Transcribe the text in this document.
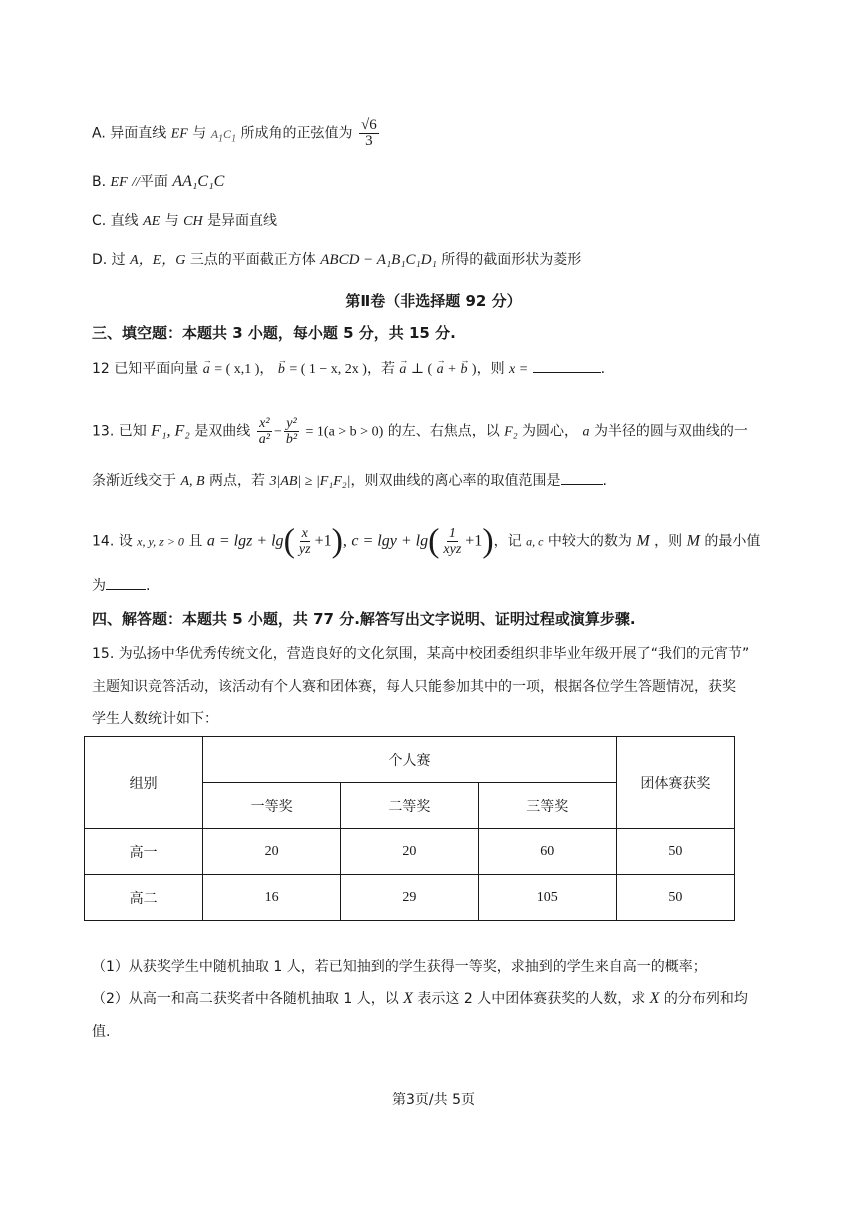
A. 异面直线 EF 与 $A_1C_1$ 所成角的正弦值为 $\frac{√6}{3}$
B. EF //平面 AA₁C₁C
C. 直线 AE 与 CH 是异面直线
D. 过 A，E，G 三点的平面截正方体 ABCD − A₁B₁C₁D₁ 所得的截面形状为菱形
第Ⅱ卷（非选择题 92 分）
三、填空题：本题共 3 小题，每小题 5 分，共 15 分.
12 已知平面向量 → a = ( x,1 )， → b = ( 1 − x, 2x )，若 → a ⊥ ( → a + → b )，则 x =	.
13. 已知 F₁, F₂ 是双曲线 $\frac{\text{x²}}{\text{a²}} - \frac{\text{y²}}{\text{b²}} = 1(a > b > 0)$ 的左、右焦点，以 F₂ 为圆心， a 为半径的圆与双曲线的一
条渐近线交于 A, B 两点，若 3|AB| ≥ |F₁F₂|，则双曲线的离心率的取值范围是	.
14. 设 x, y, z > 0 且 $a = \lg z + \lg( \frac{x}{yz} +1)$, $c = \lg y + \lg( \frac{1}{\text{xyz}} +1)$，记 a, c 中较大的数为 M ，则 M 的最小值
为	.
四、解答题：本题共 5 小题，共 77 分.解答写出文字说明、证明过程或演算步骤.
15. 为弘扬中华优秀传统文化，营造良好的文化氛围，某高中校团委组织非毕业年级开展了“我们的元宵节”
主题知识竞答活动，该活动有个人赛和团体赛，每人只能参加其中的一项，根据各位学生答题情况，获奖
学生人数统计如下：
组别	个人赛			团体赛获奖
	一等奖	二等奖	三等奖	
高一	20	20	60	50
高二	16	29	105	50
（1）从获奖学生中随机抽取 1 人，若已知抽到的学生获得一等奖，求抽到的学生来自高一的概率；
（2）从高一和高二获奖者中各随机抽取 1 人，以 X 表示这 2 人中团体赛获奖的人数，求 X 的分布列和均
值.
第3页/共 5页
